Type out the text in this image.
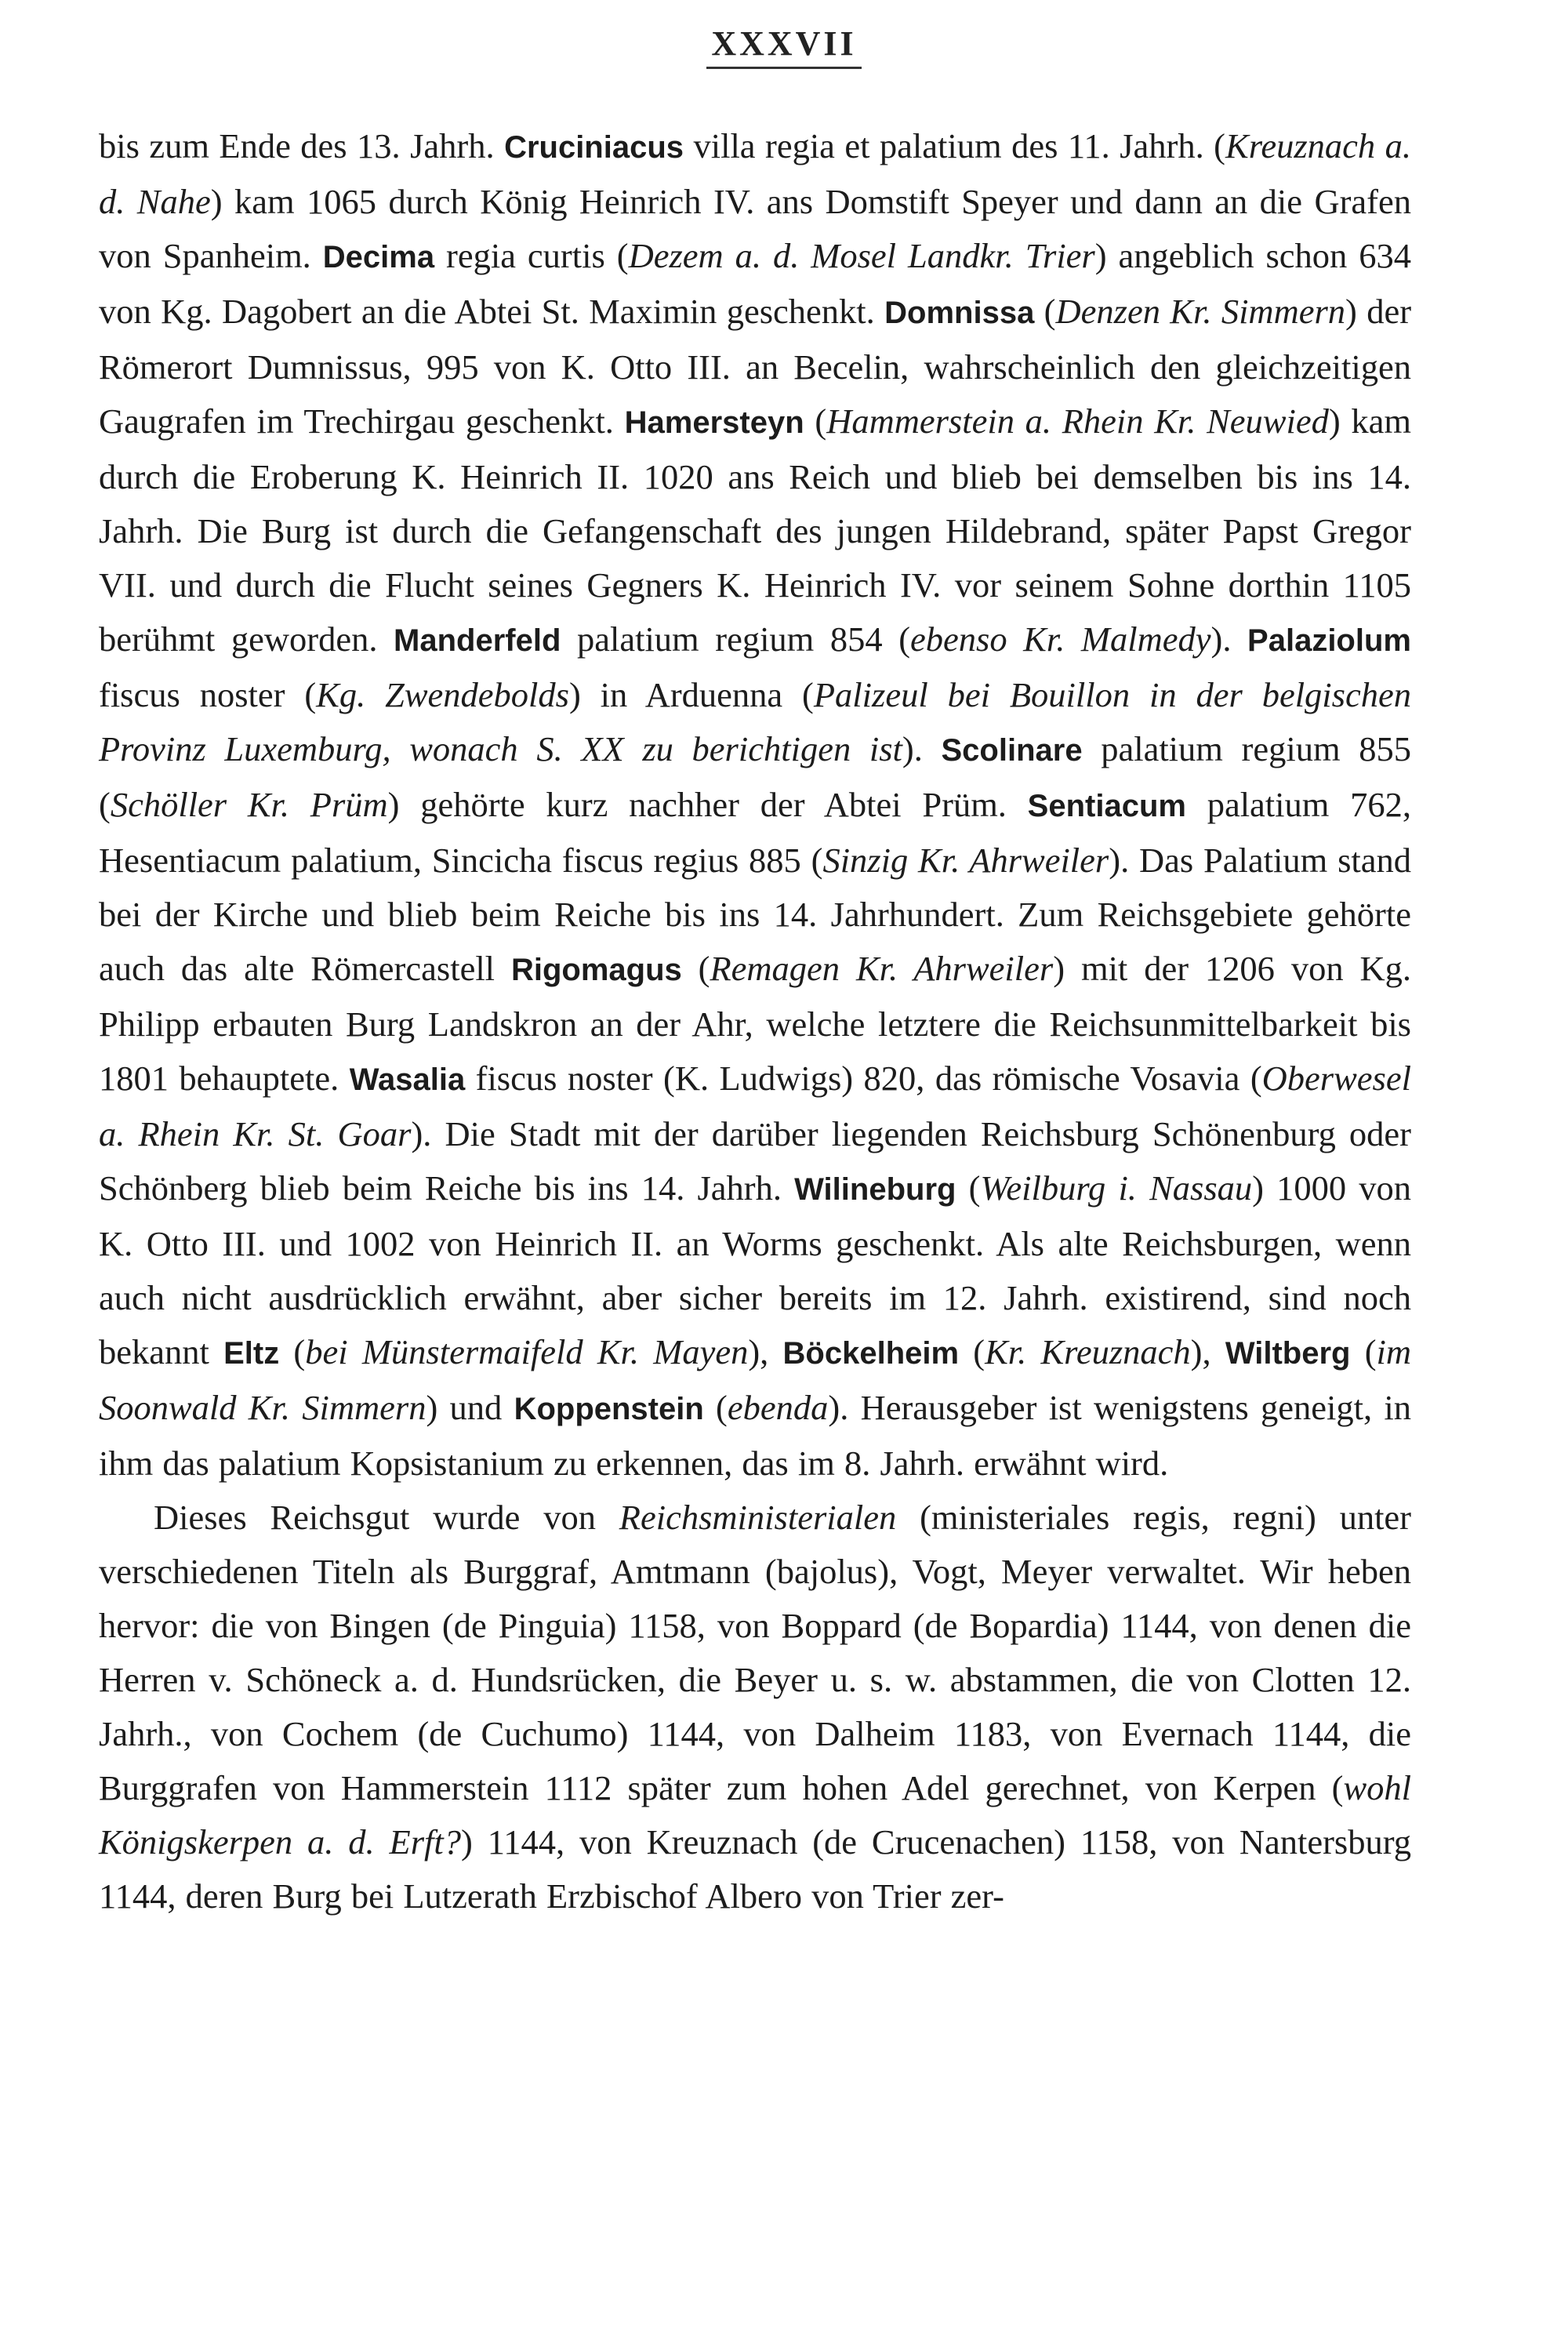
XXXVII

bis zum Ende des 13. Jahrh. Cruciniacus villa regia et palatium des 11. Jahrh. (Kreuznach a. d. Nahe) kam 1065 durch König Heinrich IV. ans Domstift Speyer und dann an die Grafen von Spanheim. Decima regia curtis (Dezem a. d. Mosel Landkr. Trier) angeblich schon 634 von Kg. Dagobert an die Abtei St. Maximin geschenkt. Domnissa (Denzen Kr. Simmern) der Römerort Dumnissus, 995 von K. Otto III. an Becelin, wahrscheinlich den gleichzeitigen Gaugrafen im Trechirgau geschenkt. Hamersteyn (Hammerstein a. Rhein Kr. Neuwied) kam durch die Eroberung K. Heinrich II. 1020 ans Reich und blieb bei demselben bis ins 14. Jahrh. Die Burg ist durch die Gefangenschaft des jungen Hildebrand, später Papst Gregor VII. und durch die Flucht seines Gegners K. Heinrich IV. vor seinem Sohne dorthin 1105 berühmt geworden. Manderfeld palatium regium 854 (ebenso Kr. Malmedy). Palaziolum fiscus noster (Kg. Zwendebolds) in Arduenna (Palizeul bei Bouillon in der belgischen Provinz Luxemburg, wonach S. XX zu berichtigen ist). Scolinare palatium regium 855 (Schöller Kr. Prüm) gehörte kurz nachher der Abtei Prüm. Sentiacum palatium 762, Hesentiacum palatium, Sincicha fiscus regius 885 (Sinzig Kr. Ahrweiler). Das Palatium stand bei der Kirche und blieb beim Reiche bis ins 14. Jahrhundert. Zum Reichsgebiete gehörte auch das alte Römercastell Rigomagus (Remagen Kr. Ahrweiler) mit der 1206 von Kg. Philipp erbauten Burg Landskron an der Ahr, welche letztere die Reichsunmittelbarkeit bis 1801 behauptete. Wasalia fiscus noster (K. Ludwigs) 820, das römische Vosavia (Oberwesel a. Rhein Kr. St. Goar). Die Stadt mit der darüber liegenden Reichsburg Schönenburg oder Schönberg blieb beim Reiche bis ins 14. Jahrh. Wilineburg (Weilburg i. Nassau) 1000 von K. Otto III. und 1002 von Heinrich II. an Worms geschenkt. Als alte Reichsburgen, wenn auch nicht ausdrücklich erwähnt, aber sicher bereits im 12. Jahrh. existirend, sind noch bekannt Eltz (bei Münstermaifeld Kr. Mayen), Böckelheim (Kr. Kreuznach), Wiltberg (im Soonwald Kr. Simmern) und Koppenstein (ebenda). Herausgeber ist wenigstens geneigt, in ihm das palatium Kopsistanium zu erkennen, das im 8. Jahrh. erwähnt wird.

Dieses Reichsgut wurde von Reichsministerialen (ministeriales regis, regni) unter verschiedenen Titeln als Burggraf, Amtmann (bajolus), Vogt, Meyer verwaltet. Wir heben hervor: die von Bingen (de Pinguia) 1158, von Boppard (de Bopardia) 1144, von denen die Herren v. Schöneck a. d. Hundsrücken, die Beyer u. s. w. abstammen, die von Clotten 12. Jahrh., von Cochem (de Cuchumo) 1144, von Dalheim 1183, von Evernach 1144, die Burggrafen von Hammerstein 1112 später zum hohen Adel gerechnet, von Kerpen (wohl Königskerpen a. d. Erft?) 1144, von Kreuznach (de Crucenachen) 1158, von Nantersburg 1144, deren Burg bei Lutzerath Erzbischof Albero von Trier zer-
